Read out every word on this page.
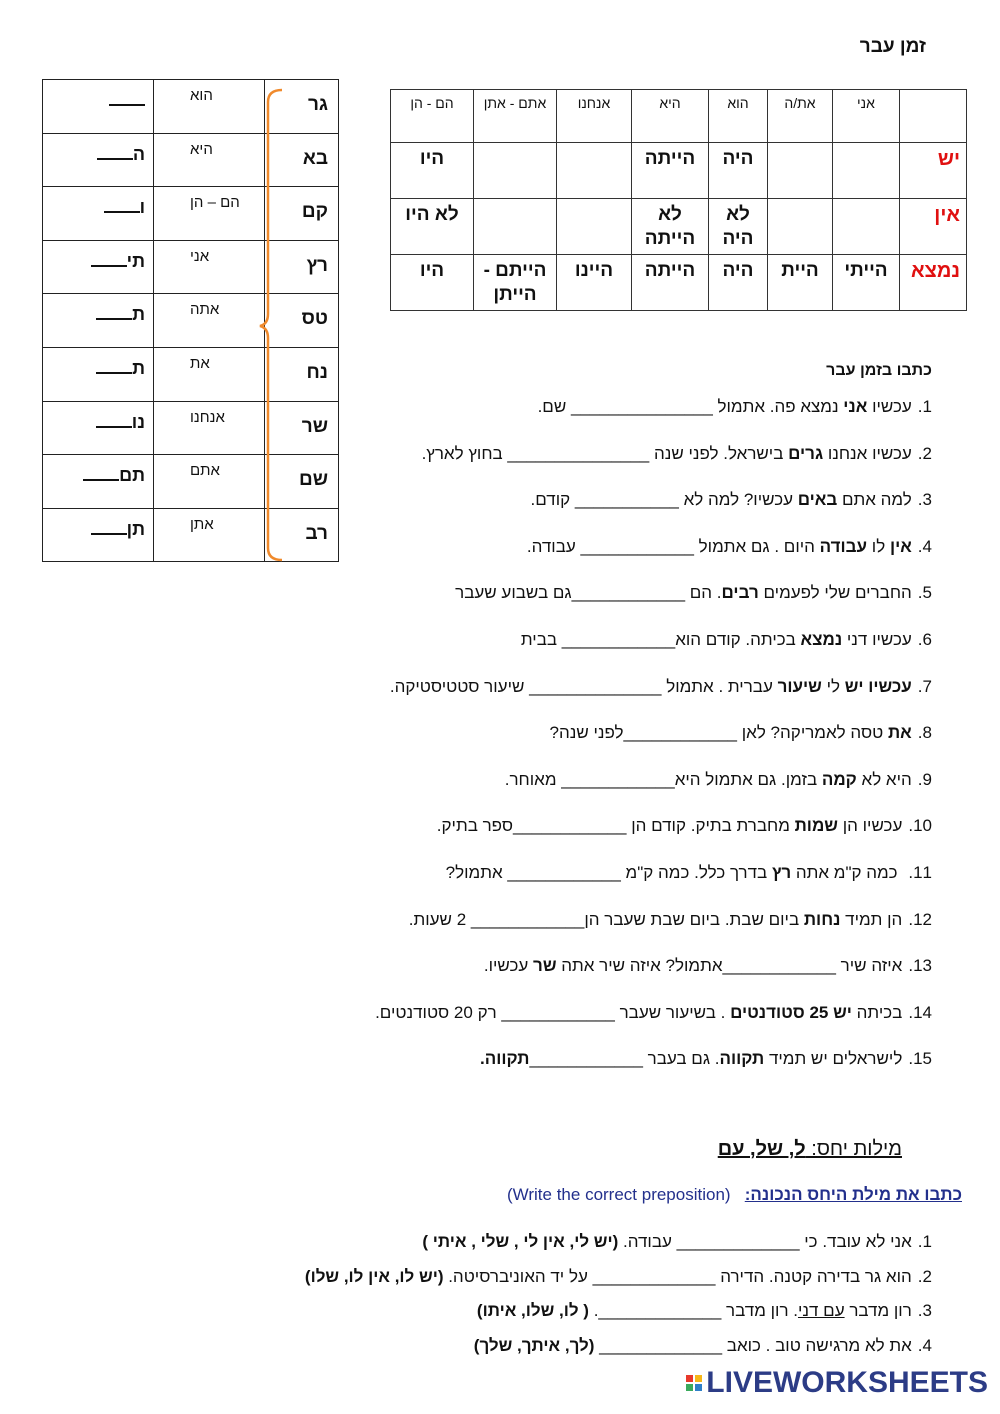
זמן עבר
גר	הוא	
בא	היא	ה
קם	הם – הן	ו
רץ	אני	תי
טס	אתה	ת
נח	את	ת
שר	אנחנו	נו
שם	אתם	תם
רב	אתן	תן
	אני	את/ה	הוא	היא	אנחנו	אתם - אתן	הם - הן
יש			היה	הייתה			היו
אין			לא היה	לא הייתה			לא היו
נמצא	הייתי	היית	היה	הייתה	היינו	הייתם -הייתן	היו
כתבו בזמן עבר
1.עכשיו אני נמצא פה. אתמול _______________ שם.
2.עכשיו אנחנו גרים בישראל. לפני שנה _______________ בחוץ לארץ.
3.למה אתם באים עכשיו? למה לא ___________ קודם.
4.אין לו עבודה היום . גם אתמול ____________ עבודה.
5.החברים שלי לפעמים רבים. הם ____________גם בשבוע שעבר
6.עכשיו דני נמצא בכיתה. קודם הוא____________ בבית
7.עכשיו יש לי שיעור עברית . אתמול ______________ שיעור סטטיסטיקה.
8.את טסה לאמריקה? לאן ____________לפני שנה?
9.היא לא קמה בזמן. גם אתמול היא____________ מאוחר.
10.עכשיו הן שמות מחברת בתיק. קודם הן ____________ספר בתיק.
11. כמה ק"מ אתה רץ בדרך כלל. כמה ק"מ ____________ אתמול?
12.הן תמיד נחות ביום שבת. ביום שבת שעבר הן____________ 2 שעות.
13.איזה שיר ____________אתמול? איזה שיר אתה שר עכשיו.
14.בכיתה יש 25 סטודנטים . בשיעור שעבר ____________ רק 20 סטודנטים.
15.לישראלים יש תמיד תקווה. גם בעבר ____________תקווה.
מילות יחס: ל, של, עם
כתבו את מילת היחס הנכונה:   (Write the correct preposition)
1.אני לא עובד. כי _____________ עבודה. (יש לי, אין לי , שלי , איתי )
2.הוא גר בדירה קטנה. הדירה _____________ על יד האוניברסיטה. (יש לו, אין לו, שלו)
3.רון מדבר עם דני. רון מדבר _____________. ( לו, שלו, איתו)
4.את לא מרגישה טוב . כואב _____________ (לך, איתך, שלך)
LIVEWORKSHEETS
